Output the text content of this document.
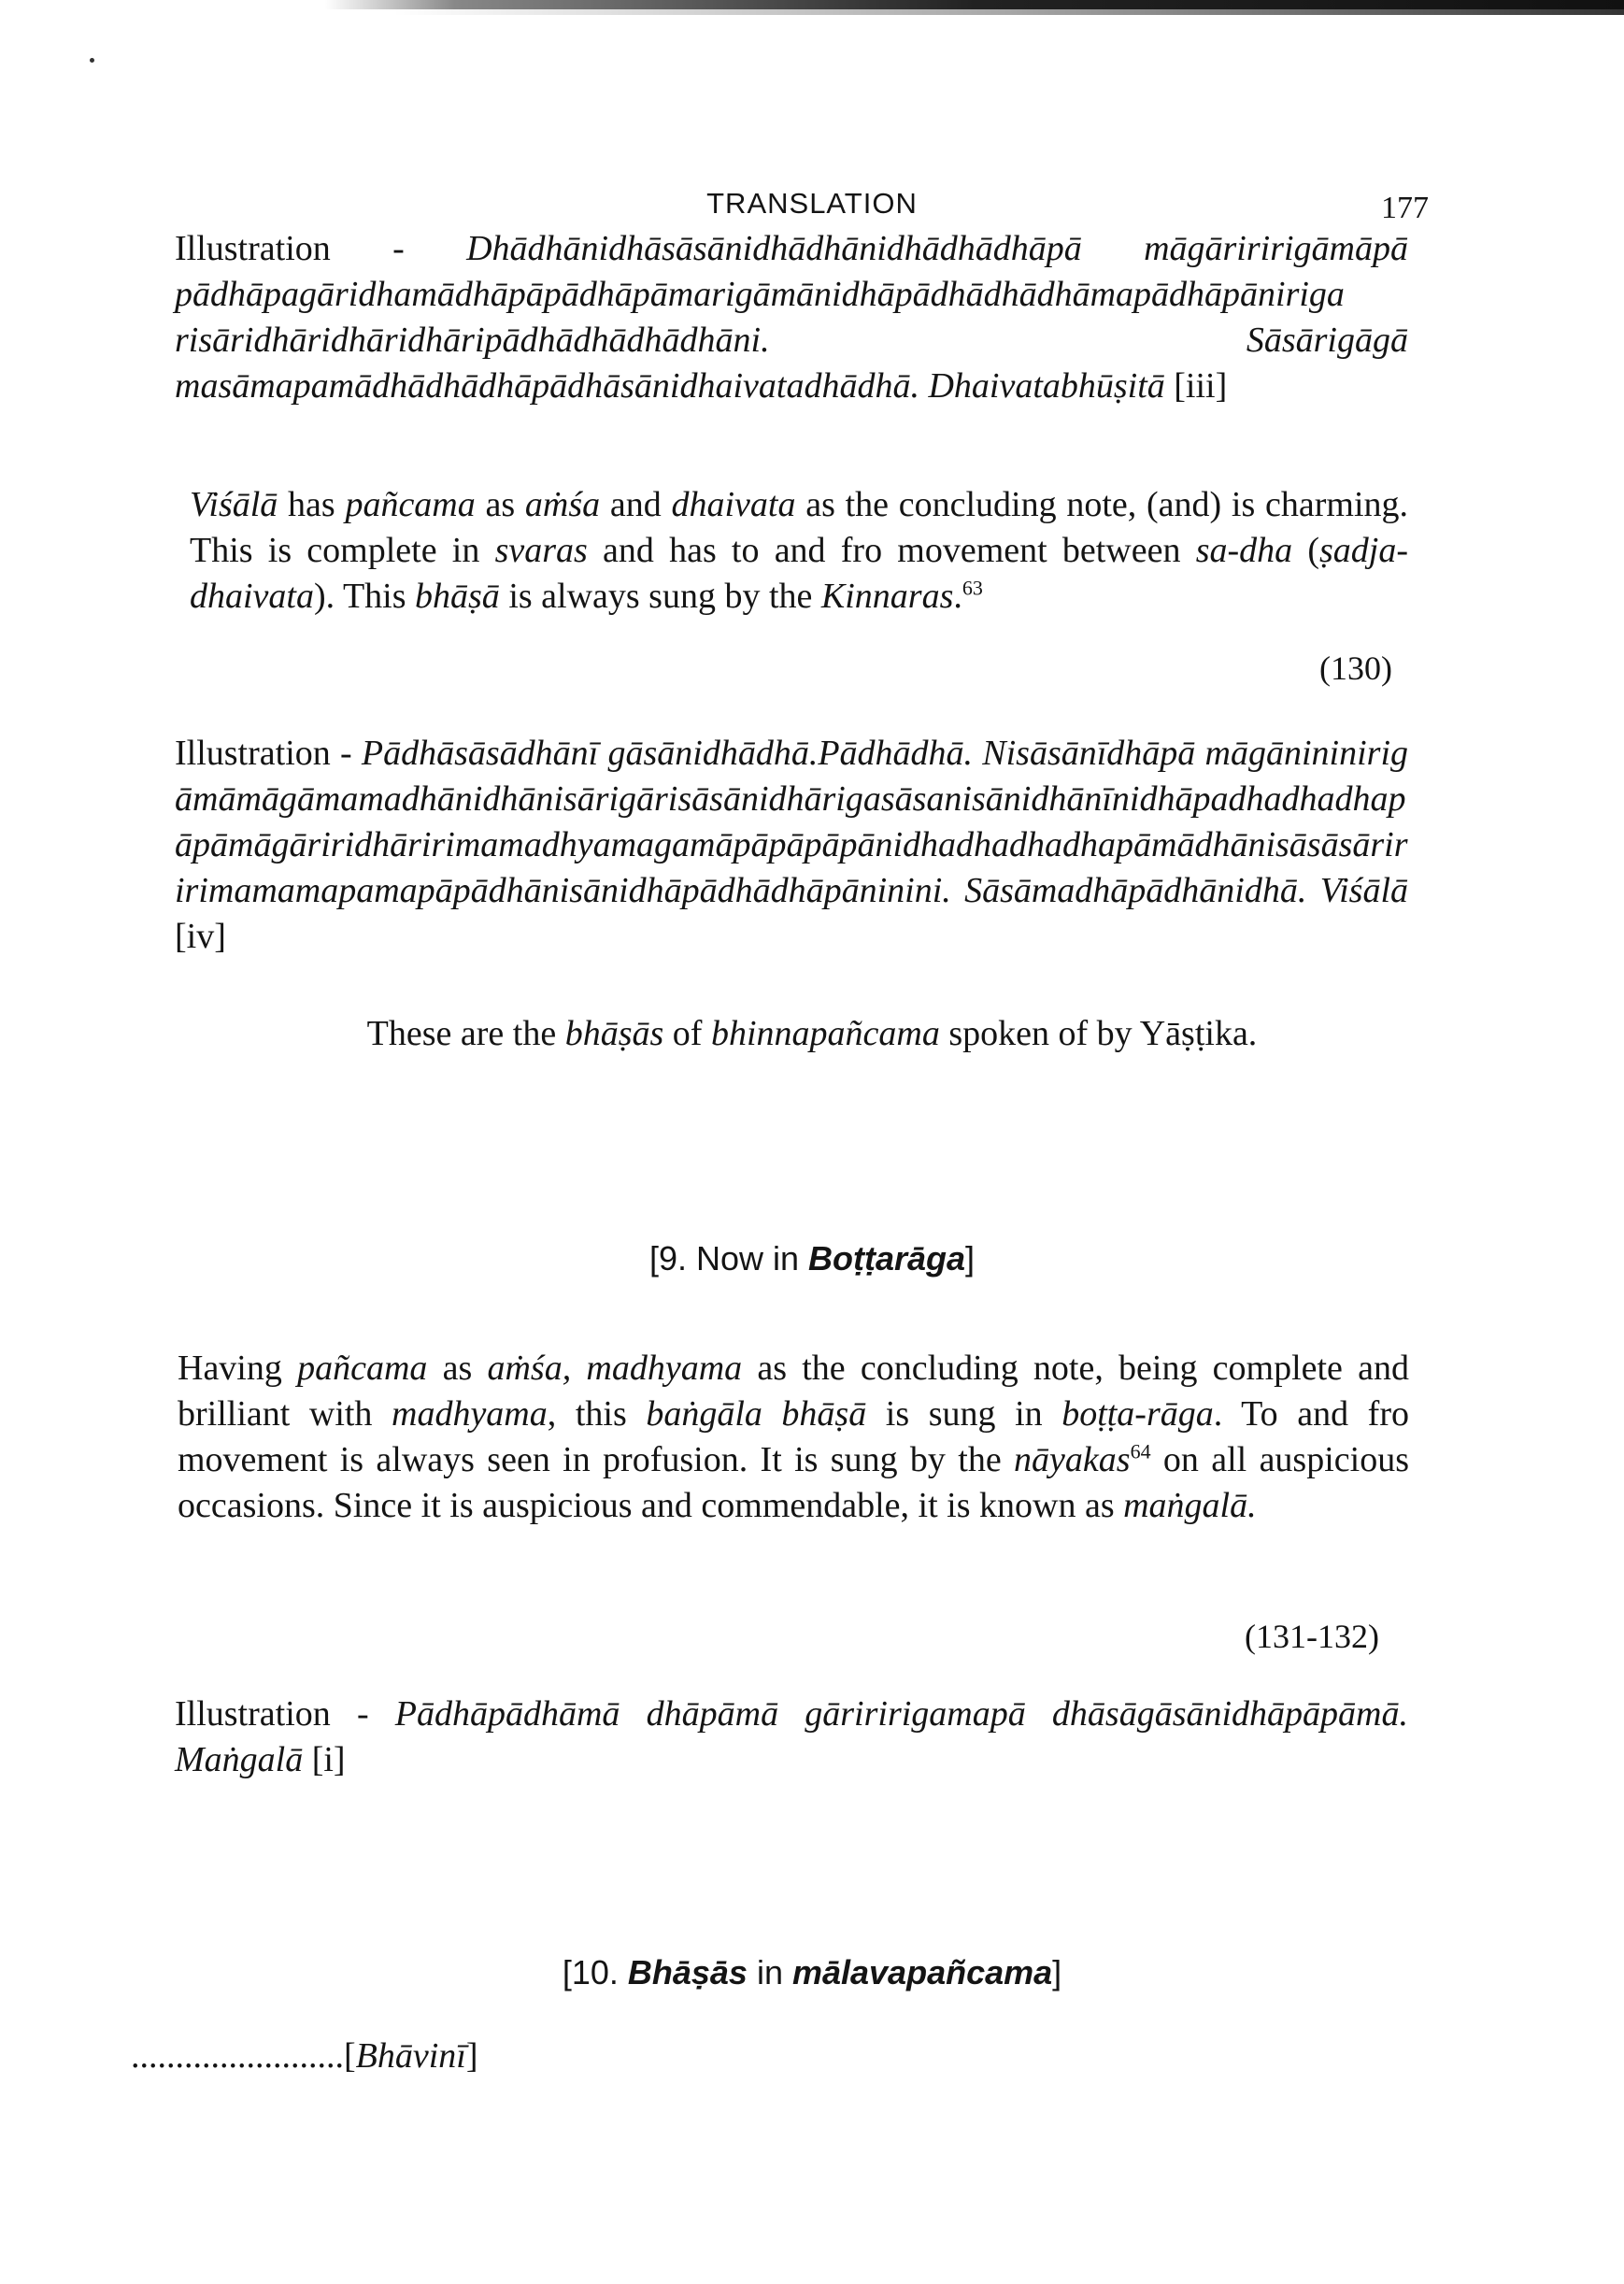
TRANSLATION	177

Illustration - Dhādhānidhāsāsānidhādhānidhādhādhāpā māgāriririgāmāpā pādhāpagāridhamādhāpāpādhāpāmarigāmānidhāpādhādhādhāmapādhāpāniriga risāridhāridhāridhāripādhādhādhādhāni. Sāsārigāgā masāmapamādhādhādhāpādhāsānidhaivatadhādhā. Dhaivatabhūṣitā [iii]

Viśālā has pañcama as aṁśa and dhaivata as the concluding note, (and) is charming. This is complete in svaras and has to and fro movement between sa-dha (ṣadja-dhaivata). This bhāṣā is always sung by the Kinnaras.$^{63}$

(130)

Illustration - Pādhāsāsādhānī gāsānidhādhā.Pādhādhā. Nisāsānīdhāpā māgānininirigāmāmāgāmamadhānidhānisārigārisāsānidhārigasāsanisānidhānīnidhāpadhadhadhapāpāmāgāriridhāririmamadhyamagamāpāpāpāpānidhadhadhadhapāmādhānisāsāsāriririmamamapamapāpādhānisānidhāpādhādhāpāninini. Sāsāmadhāpādhānidhā. Viśālā [iv]

These are the bhāṣās of bhinnapañcama spoken of by Yāṣṭika.
[9. Now in Boṭṭarāga]

Having pañcama as aṁśa, madhyama as the concluding note, being complete and brilliant with madhyama, this baṅgāla bhāṣā is sung in boṭṭa-rāga. To and fro movement is always seen in profusion. It is sung by the nāyakas$^{64}$ on all auspicious occasions. Since it is auspicious and commendable, it is known as maṅgalā.

(131-132)

Illustration - Pādhāpādhāmā dhāpāmā gāriririgamapā dhāsāgāsānidhāpāpāmā. Maṅgalā [i]

[10. Bhāṣās in mālavapañcama]
........................[Bhāvinī]
